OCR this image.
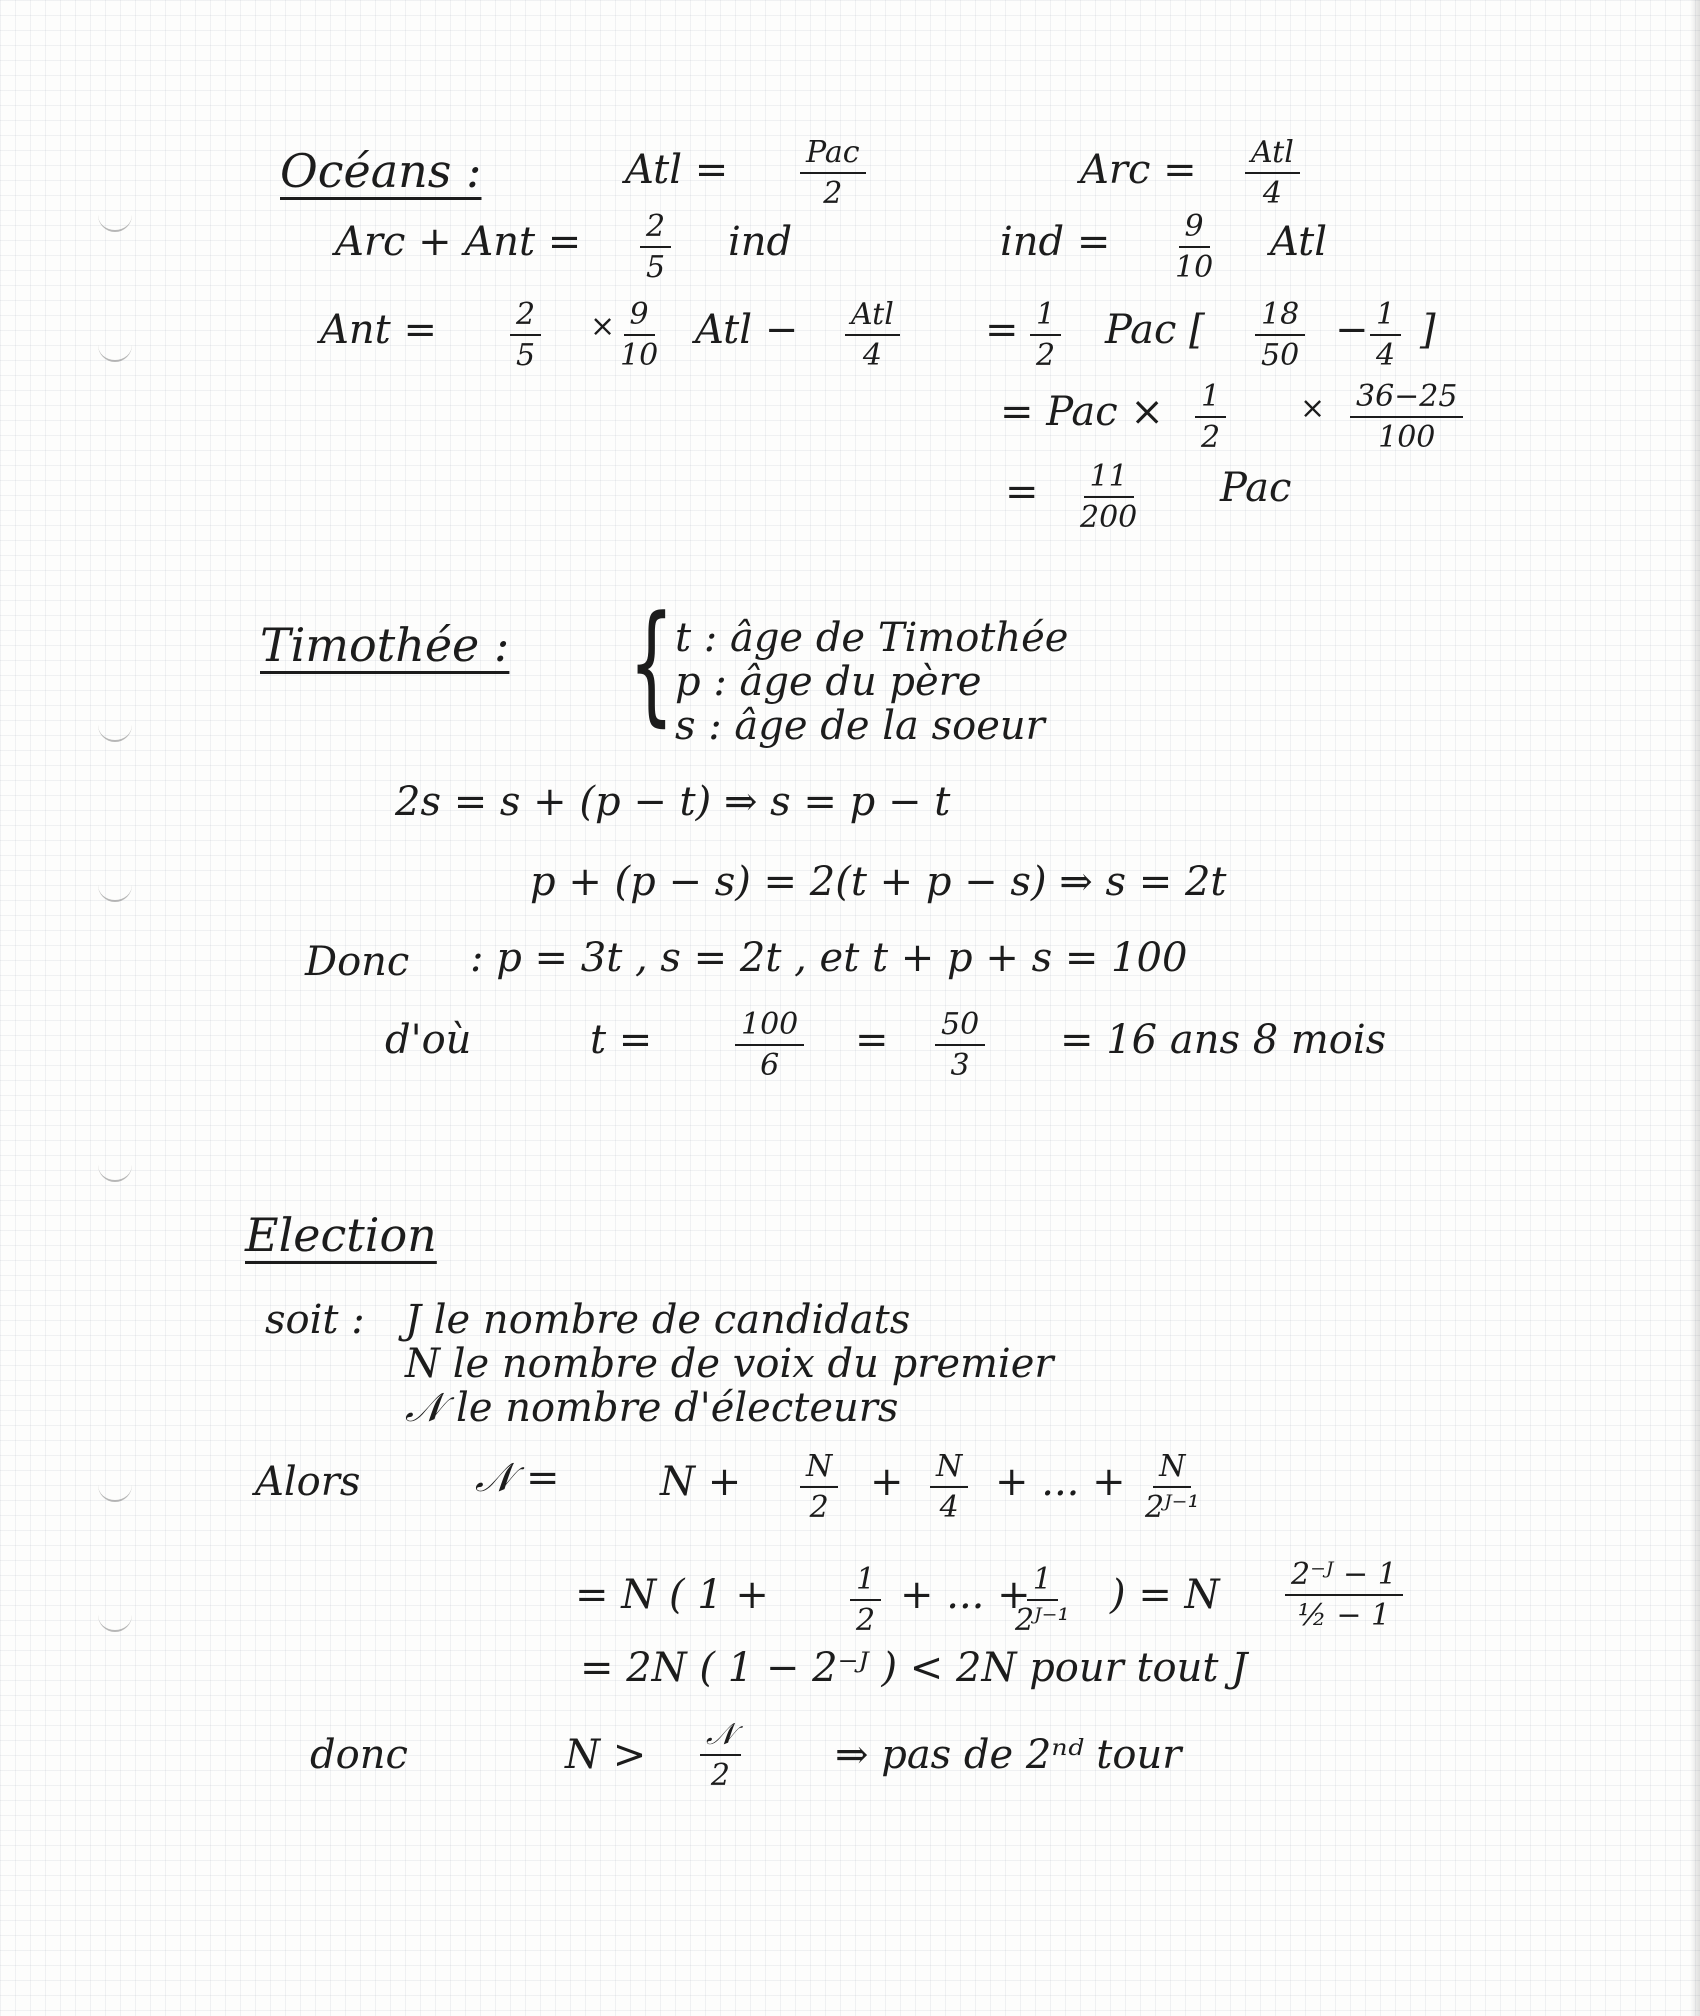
Océans :	Atl =	Pac
2
Arc = Atl
4
Arc + Ant = $\frac{2}{5}$ ind	ind = $\frac{9}{10}$ Atl
Ant = $\frac{2}{5} \times \frac{9}{10}$ Atl − Atl
4
= $\frac{1}{2}$ Pac [ $\frac{18}{50} - \frac{1}{4}$ ]
= Pac × $\frac{1}{2} \times \frac{36-25}{100}$
= $\frac{11}{200}$ Pac
Timothée : { t : âge de Timothée
p : âge du père
s : âge de la soeur
2s = s + (p − t) ⇒ s = p − t
p + (p − s) = 2(t + p − s) ⇒ s = 2t
Donc : p = 3t , s = 2t , et t + p + s = 100
d'où	t =	$\frac{100}{6} = \frac{50}{3} = 16$ ans 8 mois
Election
soit : J le nombre de candidats
N le nombre de voix du premier
𝒩 le nombre d'électeurs
Alors	𝒩 =	$N + \frac{N}{2} + \frac{N}{4}$ + ... + $\frac{N}{\text{2ᴶ⁻¹}}$
= N ( 1 +	$\frac{1}{2}$ + ... +
$\frac{1}{\text{2ᴶ⁻¹}}$ ) = N $\frac{\text{2⁻ᴶ − 1}}{\text{½ − 1}}$
= 2N ( 1 − 2⁻ᴶ ) < 2N pour tout J
donc	N > 𝒩
2	⇒ pas de 2ⁿᵈ tour
